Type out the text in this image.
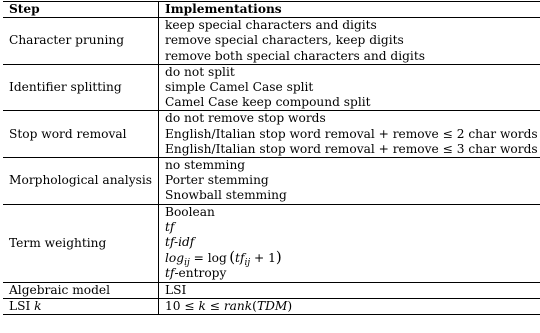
Step	Implementations
Character pruning	keep special characters and digits
remove special characters, keep digits
remove both special characters and digits

Identifier splitting	do not split
simple Camel Case split
Camel Case keep compound split

Stop word removal	do not remove stop words
English/Italian stop word removal + remove ≤ 2 char words
English/Italian stop word removal + remove ≤ 3 char words

Morphological analysis	no stemming
Porter stemming
Snowball stemming

Term weighting	Boolean
tf
tf-idf
$\log_{ij} = \log (tf_{ij} + 1)$
tf-entropy

Algebraic model	LSI

LSI k	10 ≤ k ≤ rank(TDM)
